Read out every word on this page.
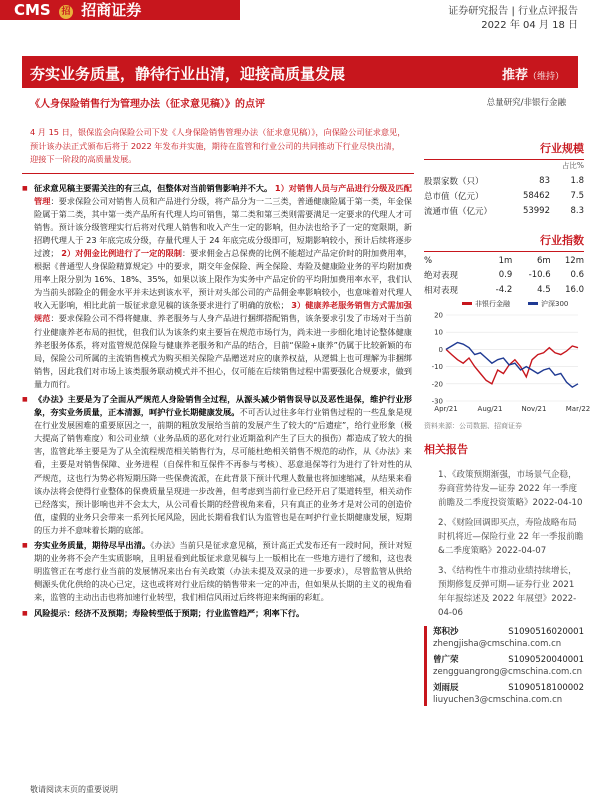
CMS 招 招商证券	证券研究报告 | 行业点评报告
2022 年 04 月 18 日
夯实业务质量，静待行业出清，迎接高质量发展	推荐（维持）
《人身保险销售行为管理办法（征求意见稿）》的点评	总量研究/非银行金融
4 月 15 日，银保监会向保险公司下发《人身保险销售管理办法（征求意见稿）》，向保险公司征求意见，预计该办法正式颁布后将于 2022 年发布并实施，期待在监管和行业公司的共同推动下行业尽快出清，迎接下一阶段的高质量发展。
■ 征求意见稿主要需关注的有三点，但整体对当前销售影响并不大。 1）对销售人员与产品进行分级及匹配管理：要求保险公司对销售人员和产品进行分级，将产品分为一二三类，普通健康险属于第一类，年金保险属于第二类，其中第一类产品所有代理人均可销售，第二类和第三类则需要满足一定要求的代理人才可销售。预计该分级管理实行后将对代理人销售和收入产生一定的影响，但办法也给予了一定的宽限期，新招聘代理人于 23 年底完成分级，存量代理人于 24 年底完成分级即可，短期影响较小，预计后续将逐步过渡； 2）对佣金比例进行了一定的限制：要求佣金占总保费的比例不能超过产品定价时的附加费用率，根据《普通型人身保险精算规定》中的要求，期交年金保险、两全保险、寿险及健康险业务的平均附加费用率上限分别为 16%、18%、35%，如果以该上限作为实务中产品定价的平均附加费用率水平，我们认为当前头部险企的佣金水平并未达到该水平，预计对头部公司的产品佣金率影响较小，也意味着对代理人收入无影响，相比此前一版征求意见稿的该条要求进行了明确的放松； 3）健康养老服务销售方式需加强规范：要求保险公司不得将健康、养老服务与人身产品进行捆绑搭配销售，该条要求引发了市场对于当前行业健康养老布局的担忧，但我们认为该条约束主要旨在规范市场行为，尚未进一步细化地讨论整体健康养老服务体系，将对监管规范保险与健康养老服务和产品的结合，目前“保险+康养”仍属于比较新颖的布局，保险公司所属的主流销售模式为购买相关保险产品赠送对应的康养权益，从逻辑上也可理解为非捆绑销售，因此我们对市场上该类服务联动模式并不担心，仅可能在后续销售过程中需要强化合规要求，做到量力而行。
■ 《办法》主要是为了全面从严规范人身险销售全过程，从源头减少销售误导以及恶性退保，维护行业形象，夯实业务质量，正本清源，呵护行业长期健康发展。不可否认过往多年行业销售过程的一些乱象是现在行业发展困难的重要原因之一，前期的粗放发展给当前的发展产生了较大的“后遗症”，给行业形象（极大提高了销售难度）和公司业绩（业务品质的恶化对行业近期盈利产生了巨大的损伤）都造成了较大的损害，监管此举主要是为了从全流程规范相关销售行为，尽可能杜绝相关销售不规范的动作，从《办法》来看，主要是对销售保障、业务进程（自保件和互保件不再参与考核）、恶意退保等行为进行了针对性的从严规范，这也行为势必将短期压降一些保费流派，在此背景下预计代理人数量也将加速缩减，从结果来看该办法将会使得行业整体的保费质量呈现进一步改善，但考虑到当前行业已经开启了渠道转型，相关动作已经落实，预计影响也并不会太大，从公司看长期的经营视角来看，只有真正的业务才是对公司的创造价值，虚假的业务只会带来一系列长尾风险，因此长期看我们认为监管也是在呵护行业长期健康发展，短期的压力并不意味着长期的底部。
■ 夯实业务质量，期待尽早出清。《办法》当前只是征求意见稿，预计高正式发布还有一段时间，预计对短期的业务将不会产生实质影响，且明显看到此版征求意见稿与上一版相比在一些地方进行了缓和，这也表明监管正在考虑行业当前的发展情况来出台有关政策（办法未提及双录的进一步要求），尽管监管从供给侧源头优化供给的决心已定，这也或将对行业后续的销售带来一定的冲击，但如果从长期的主义的视角看来，监管的主动出击也将加速行业转型，我们相信风雨过后终将迎来绚丽的彩虹。
■ 风险提示：经济不及预期；寿险转型低于预期；行业监管趋严；利率下行。
行业规模
占比%
股票家数（只）	83	1.8
总市值（亿元）	58462	7.5
流通市值（亿元）	53992	8.3
行业指数
%	1m	6m	12m
绝对表现	0.9	-10.6	0.6
相对表现	-4.2	4.5	16.0
非银行金融	沪深300
20
10
0
-10
-20
-30
Apr/21	Aug/21	Nov/21	Mar/22
资料来源：公司数据、招商证券
相关报告
1、《政策预期渐强，市场景气企稳，券商营势待发—证券 2022 年一季度前瞻及二季度投资策略》2022-04-10
2、《财险回调即买点，寿险战略布局时机将近—保险行业 22 年一季报前瞻&二季度策略》2022-04-07
3、《结构性牛市推动业绩持续增长，预期修复反弹可期—证券行业 2021 年年报综述及 2022 年展望》2022-04-06
郑积沙	S1090516020001
zhengjisha@cmschina.com.cn
曾广荣	S1090520040001
zengguangrong@cmschina.com.cn
刘雨辰	S1090518100002
liuyuchen3@cmschina.com.cn
敬请阅读末页的重要说明
